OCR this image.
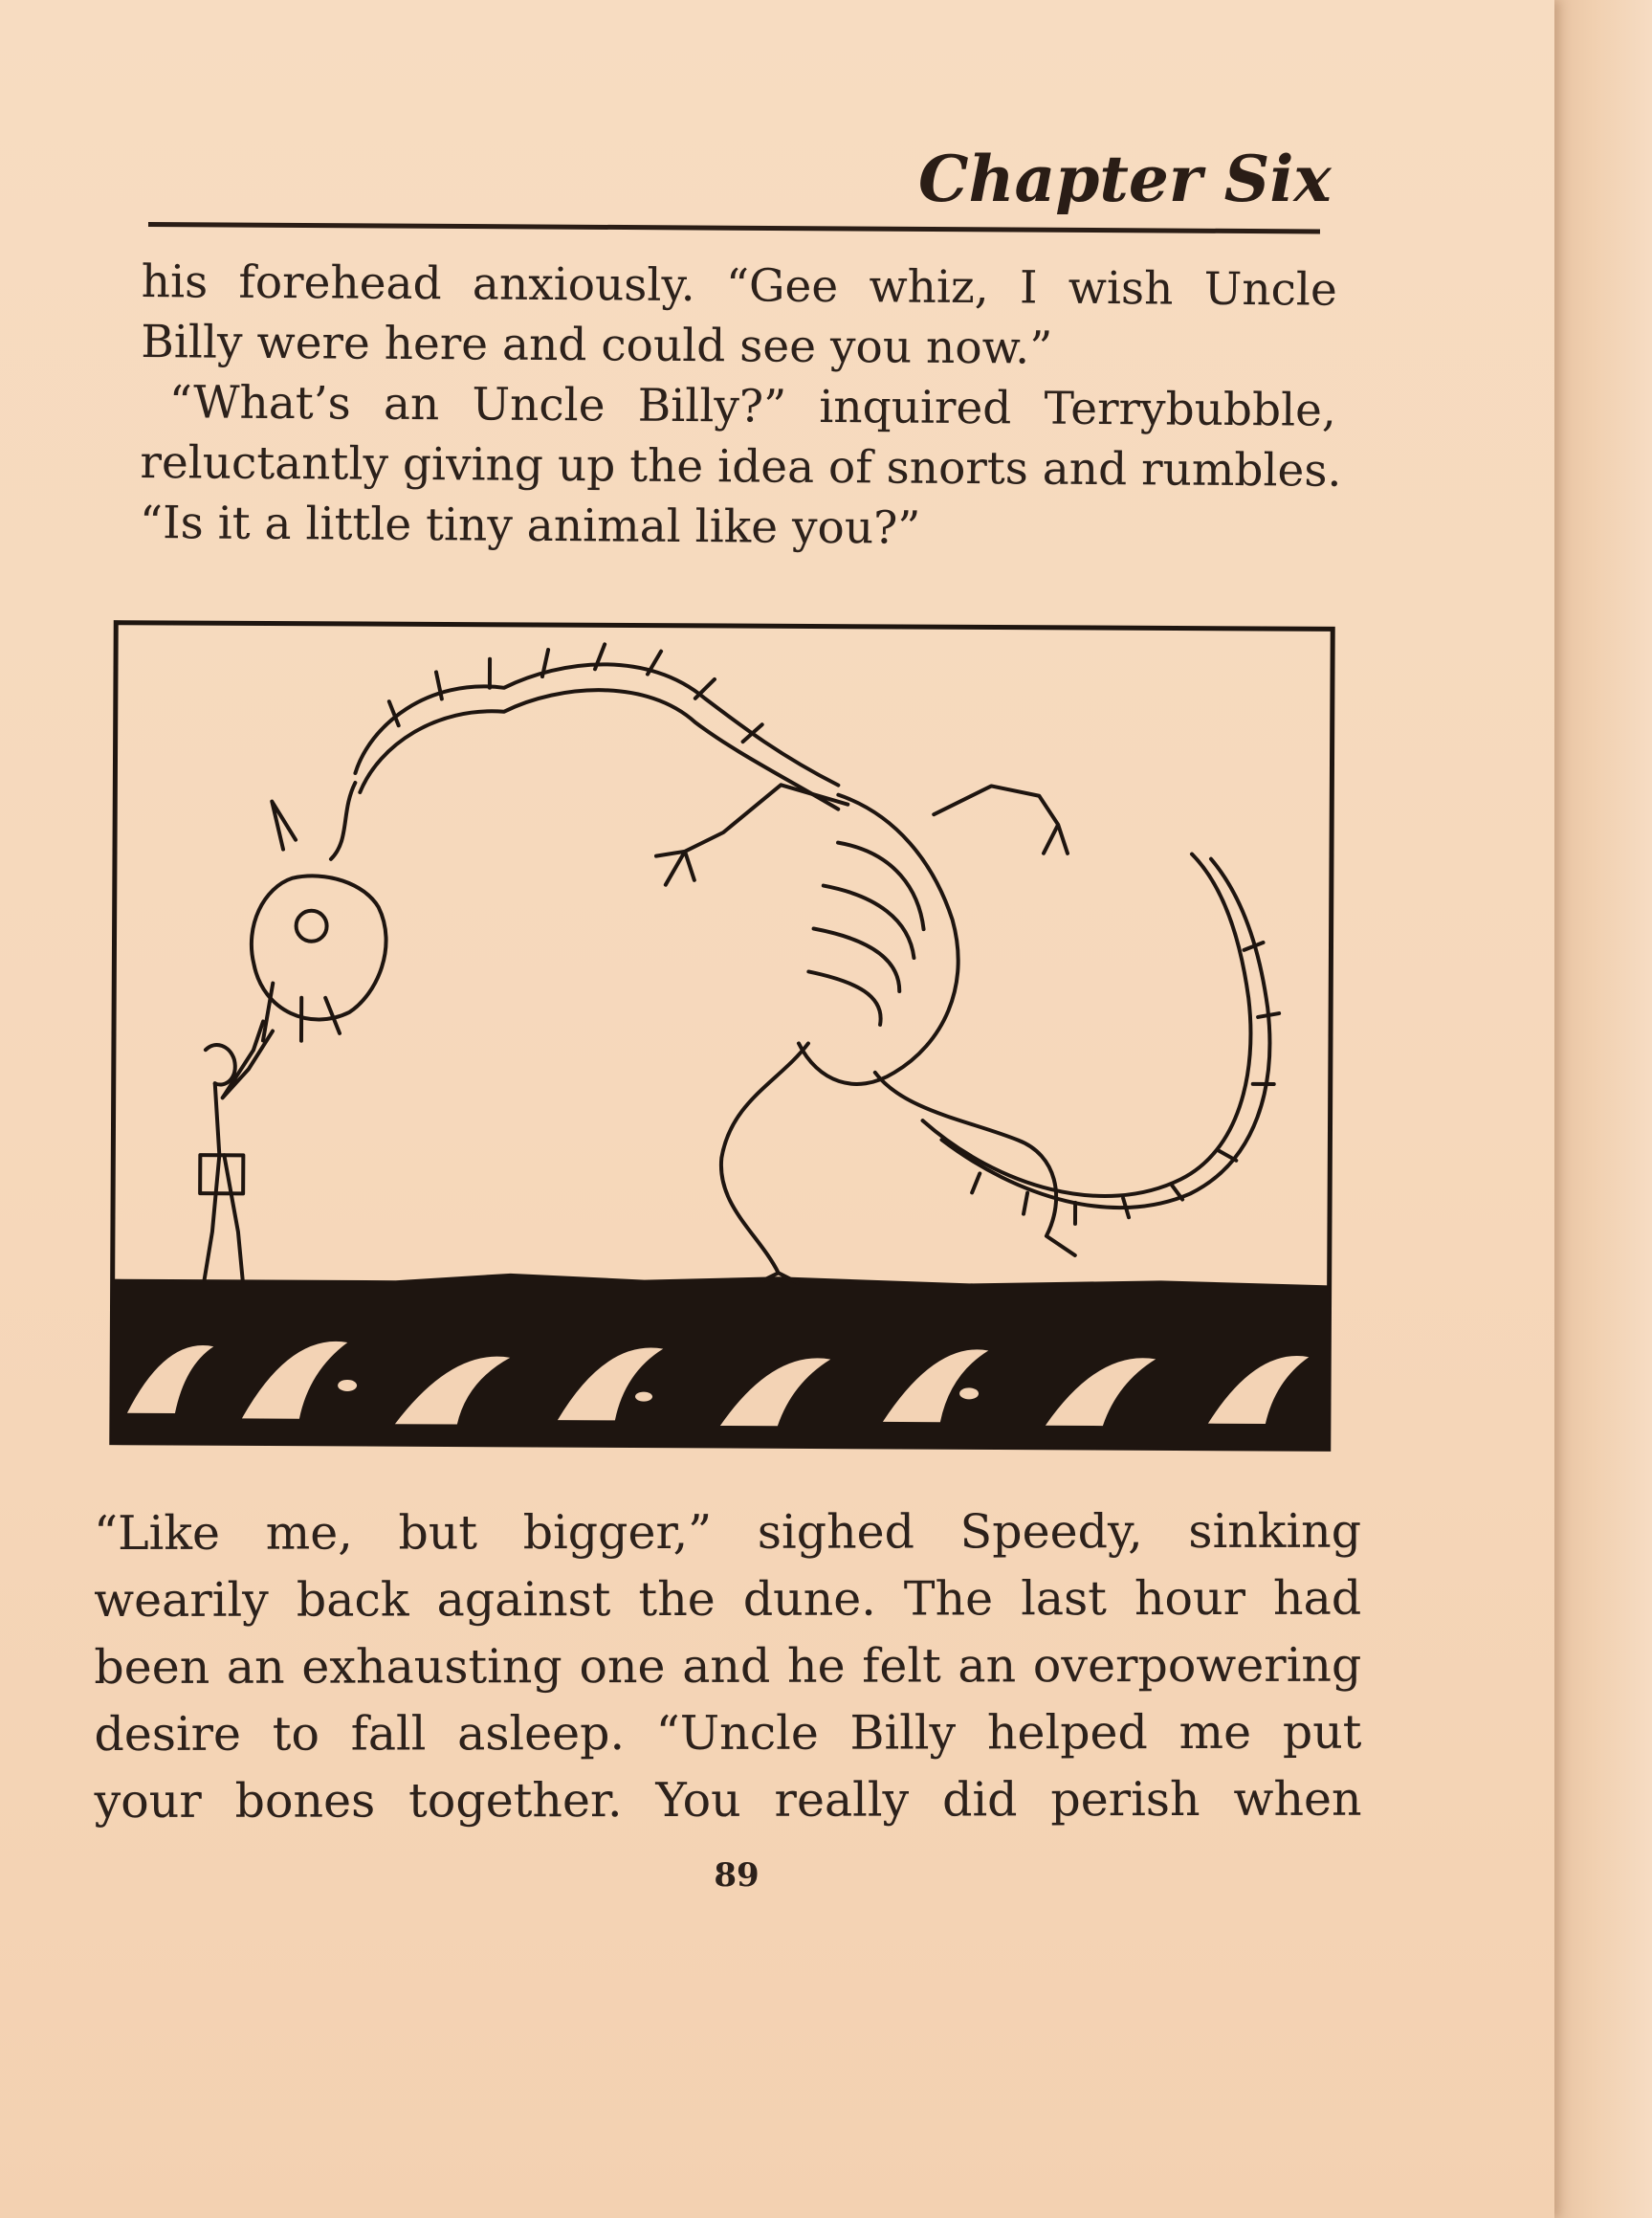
Chapter Six
his forehead anxiously. “Gee whiz, I wish Uncle
Billy were here and could see you now.”
“What’s an Uncle Billy?” inquired Terrybubble,
reluctantly giving up the idea of snorts and rumbles.
“Is it a little tiny animal like you?”
“Like me, but bigger,” sighed Speedy, sinking
wearily back against the dune. The last hour had
been an exhausting one and he felt an overpowering
desire to fall asleep. “Uncle Billy helped me put
your bones together. You really did perish when
89
